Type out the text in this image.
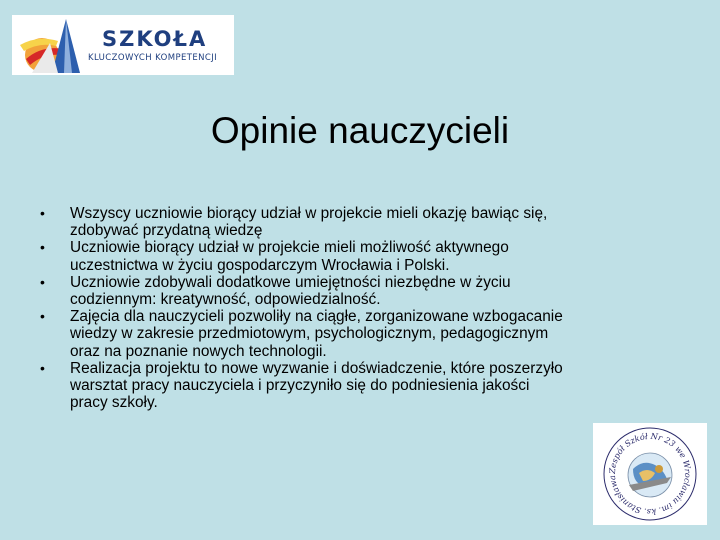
SZKOŁA
KLUCZOWYCH KOMPETENCJI
Opinie nauczycieli
• Wszyscy uczniowie biorący udział w projekcie mieli okazję bawiąc się, zdobywać przydatną wiedzę
• Uczniowie biorący udział w projekcie mieli możliwość aktywnego uczestnictwa w życiu gospodarczym Wrocławia i Polski.
• Uczniowie zdobywali dodatkowe umiejętności niezbędne w życiu codziennym: kreatywność, odpowiedzialność.
• Zajęcia dla nauczycieli pozwoliły na ciągłe, zorganizowane wzbogacanie wiedzy w zakresie przedmiotowym, psychologicznym, pedagogicznym oraz na poznanie nowych technologii.
• Realizacja projektu to nowe wyzwanie i doświadczenie, które poszerzyło warsztat pracy nauczyciela i przyczyniło się do podniesienia jakości pracy szkoły.
Zespół Szkół Nr 23 we Wrocławiu im. ks. Stanisława
